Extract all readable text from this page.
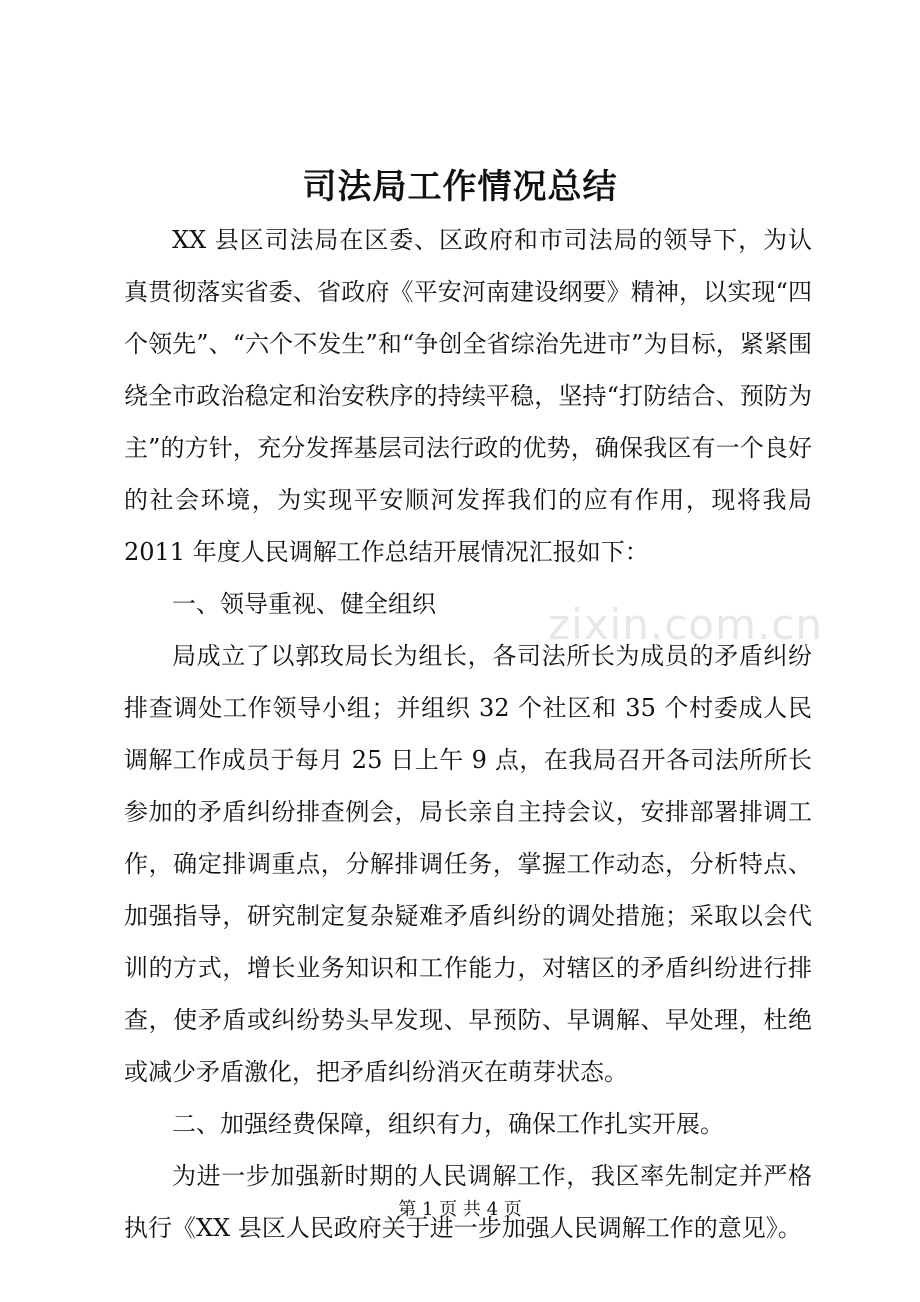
司法局工作情况总结

XX 县区司法局在区委、区政府和市司法局的领导下，为认真贯彻落实省委、省政府《平安河南建设纲要》精神，以实现“四个领先”、“六个不发生”和“争创全省综治先进市”为目标，紧紧围绕全市政治稳定和治安秩序的持续平稳，坚持“打防结合、预防为主”的方针，充分发挥基层司法行政的优势，确保我区有一个良好的社会环境，为实现平安顺河发挥我们的应有作用，现将我局 2011 年度人民调解工作总结开展情况汇报如下：

一、领导重视、健全组织

局成立了以郭玫局长为组长，各司法所长为成员的矛盾纠纷排查调处工作领导小组；并组织 32 个社区和 35 个村委成人民调解工作成员于每月 25 日上午 9 点，在我局召开各司法所所长参加的矛盾纠纷排查例会，局长亲自主持会议，安排部署排调工作，确定排调重点，分解排调任务，掌握工作动态，分析特点、加强指导，研究制定复杂疑难矛盾纠纷的调处措施；采取以会代训的方式，增长业务知识和工作能力，对辖区的矛盾纠纷进行排查，使矛盾或纠纷势头早发现、早预防、早调解、早处理，杜绝或减少矛盾激化，把矛盾纠纷消灭在萌芽状态。

二、加强经费保障，组织有力，确保工作扎实开展。

为进一步加强新时期的人民调解工作，我区率先制定并严格执行《XX 县区人民政府关于进一步加强人民调解工作的意见》。

zixin.com.cn
第 1 页 共 4 页
